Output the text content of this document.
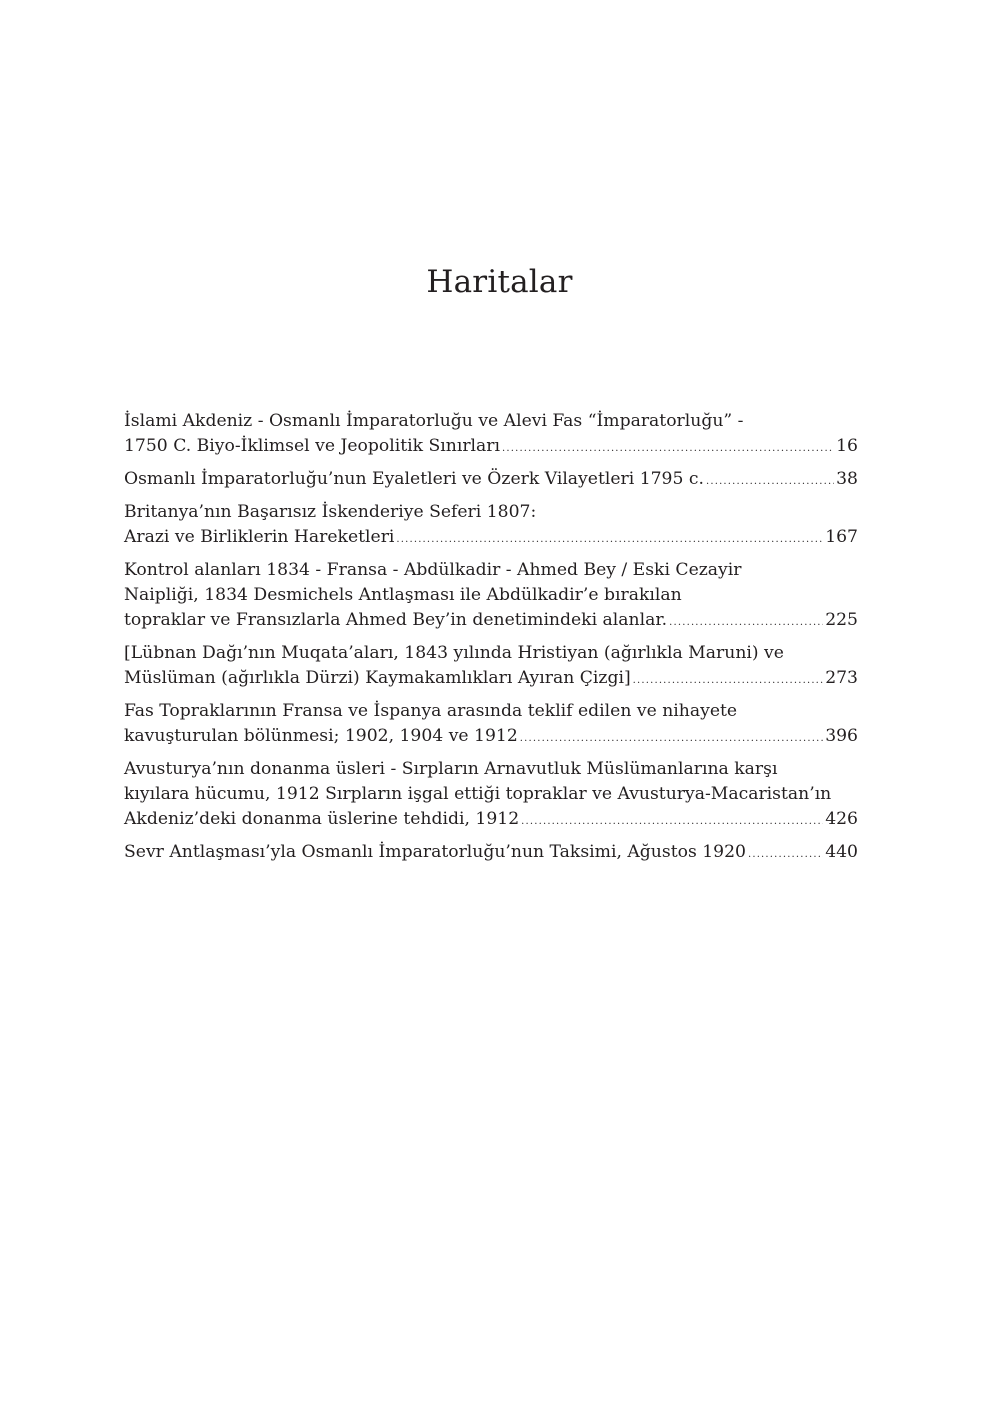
Haritalar
İslami Akdeniz - Osmanlı İmparatorluğu ve Alevi Fas “İmparatorluğu” -
1750 C. Biyo-İklimsel ve Jeopolitik Sınırları . . .	16
Osmanlı İmparatorluğu’nun Eyaletleri ve Özerk Vilayetleri 1795 c. . . .	38
Britanya’nın Başarısız İskenderiye Seferi 1807:
Arazi ve Birliklerin Hareketleri . . .	167
Kontrol alanları 1834 - Fransa - Abdülkadir - Ahmed Bey / Eski Cezayir
Naipliği, 1834 Desmichels Antlaşması ile Abdülkadir’e bırakılan
topraklar ve Fransızlarla Ahmed Bey’in denetimindeki alanlar. . . .	225
[Lübnan Dağı’nın Muqata’aları, 1843 yılında Hristiyan (ağırlıkla Maruni) ve
Müslüman (ağırlıkla Dürzi) Kaymakamlıkları Ayıran Çizgi] . . .	273
Fas Topraklarının Fransa ve İspanya arasında teklif edilen ve nihayete
kavuşturulan bölünmesi; 1902, 1904 ve 1912 . . .	396
Avusturya’nın donanma üsleri - Sırpların Arnavutluk Müslümanlarına karşı
kıyılara hücumu, 1912 Sırpların işgal ettiği topraklar ve Avusturya-Macaristan’ın
Akdeniz’deki donanma üslerine tehdidi, 1912 . . .	426
Sevr Antlaşması’yla Osmanlı İmparatorluğu’nun Taksimi, Ağustos 1920 . . .	440
